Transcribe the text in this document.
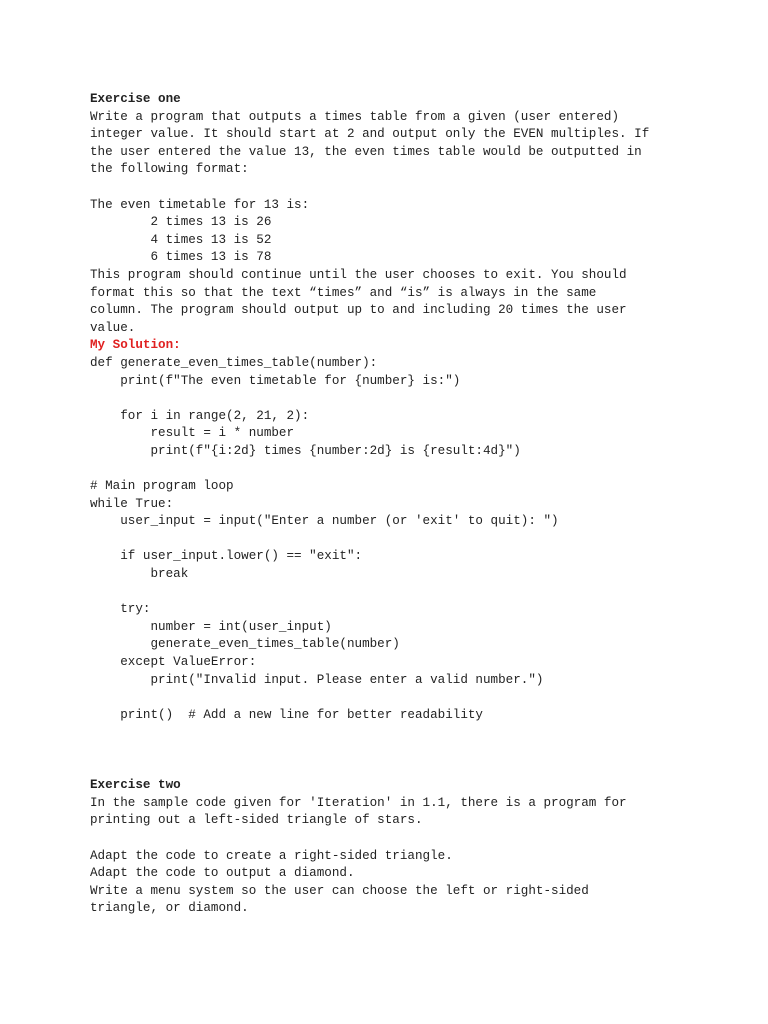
Exercise one
Write a program that outputs a times table from a given (user entered)
integer value. It should start at 2 and output only the EVEN multiples. If
the user entered the value 13, the even times table would be outputted in
the following format:
The even timetable for 13 is:
2 times 13 is 26
4 times 13 is 52
6 times 13 is 78
This program should continue until the user chooses to exit. You should
format this so that the text “times” and “is” is always in the same
column. The program should output up to and including 20 times the user
value.
My Solution:
def generate_even_times_table(number):
print(f"The even timetable for {number} is:")
for i in range(2, 21, 2):
result = i * number
print(f"{i:2d} times {number:2d} is {result:4d}")
# Main program loop
while True:
user_input = input("Enter a number (or 'exit' to quit): ")
if user_input.lower() == "exit":
break
try:
number = int(user_input)
generate_even_times_table(number)
except ValueError:
print("Invalid input. Please enter a valid number.")
print()  # Add a new line for better readability
Exercise two
In the sample code given for 'Iteration' in 1.1, there is a program for
printing out a left-sided triangle of stars.
Adapt the code to create a right-sided triangle.
Adapt the code to output a diamond.
Write a menu system so the user can choose the left or right-sided
triangle, or diamond.
